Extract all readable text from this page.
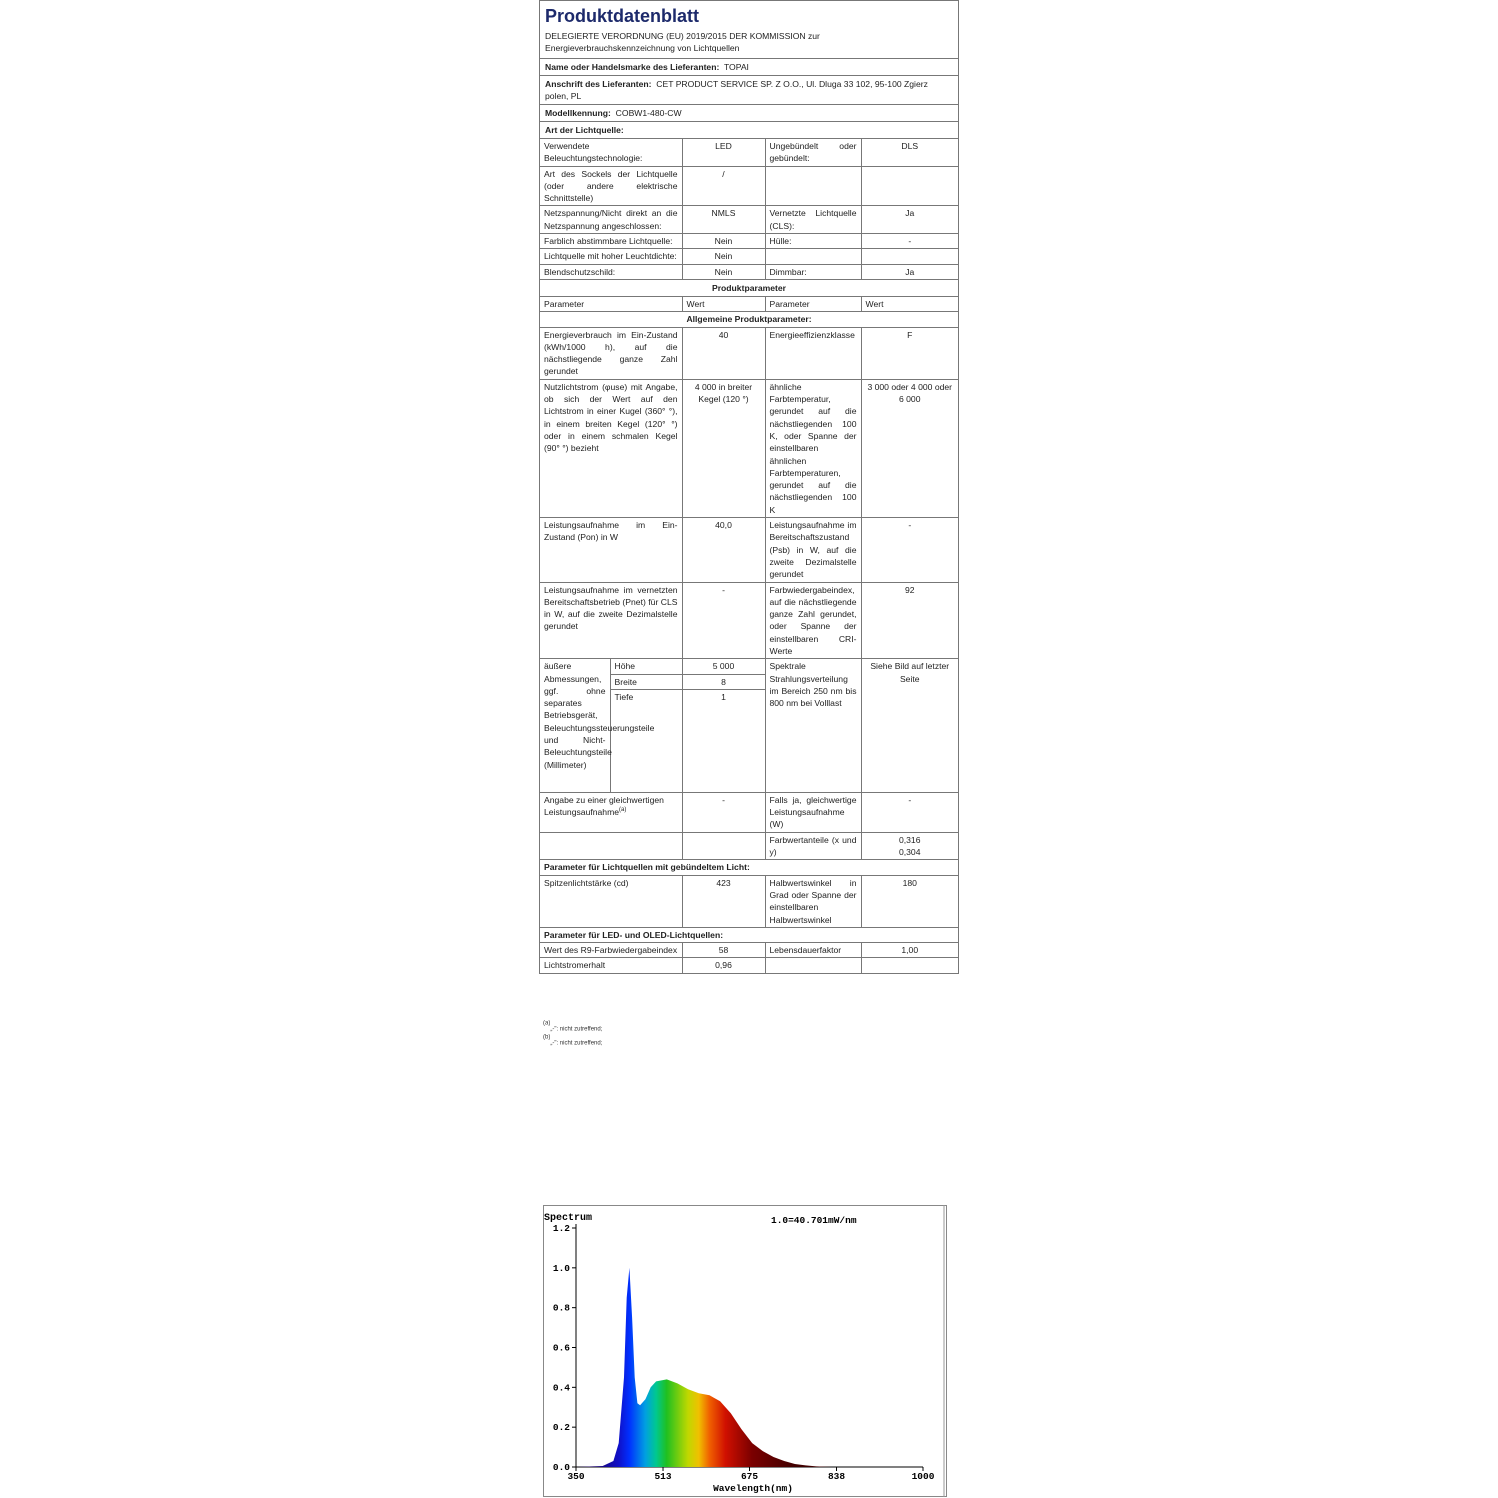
Produktdatenblatt
DELEGIERTE VERORDNUNG (EU) 2019/2015 DER KOMMISSION zur
Energieverbrauchskennzeichnung von Lichtquellen
Name oder Handelsmarke des Lieferanten: TOPAI
Anschrift des Lieferanten: CET PRODUCT SERVICE SP. Z O.O., Ul. Dluga 33 102, 95-100 Zgierz polen, PL
Modellkennung: COBW1-480-CW
Art der Lichtquelle:
Verwendete Beleuchtungstechnologie:	LED	Ungebündelt oder gebündelt:	DLS
Art des Sockels der Lichtquelle (oder andere elektrische Schnittstelle)	/		
Netzspannung/Nicht direkt an die Netzspannung angeschlossen:	NMLS	Vernetzte Lichtquelle (CLS):	Ja
Farblich abstimmbare Lichtquelle:	Nein	Hülle:	-
Lichtquelle mit hoher Leuchtdichte:	Nein		
Blendschutzschild:	Nein	Dimmbar:	Ja
Produktparameter
Parameter		Wert	Parameter	Wert
Allgemeine Produktparameter:				
Energieverbrauch im Ein-Zustand (kWh/1000 h), auf die nächstliegende ganze Zahl gerundet		40	Energieeffizienzklasse	F
Nutzlichtstrom (φuse) mit Angabe, ob sich der Wert auf den Lichtstrom in einer Kugel (360° °), in einem breiten Kegel (120° °) oder in einem schmalen Kegel (90° °) bezieht		4 000 in breiter Kegel (120 °)	ähnliche Farbtemperatur, gerundet auf die nächstliegenden 100 K, oder Spanne der einstellbaren ähnlichen Farbtemperaturen, gerundet auf die nächstliegenden 100 K	3 000 oder 4 000 oder 6 000
Leistungsaufnahme im Ein-Zustand (Pon) in W		40,0	Leistungsaufnahme im Bereitschaftszustand (Psb) in W, auf die zweite Dezimalstelle gerundet	-
Leistungsaufnahme im vernetzten Bereitschaftsbetrieb (Pnet) für CLS in W, auf die zweite Dezimalstelle gerundet		-	Farbwiedergabeindex, auf die nächstliegende ganze Zahl gerundet, oder Spanne der einstellbaren CRI-Werte	92
äußere Abmessungen, ggf. ohne separates Betriebsgerät, Beleuchtungssteuerungsteile und Nicht-Beleuchtungsteile (Millimeter)	Höhe	5 000	Spektrale Strahlungsverteilung im Bereich 250 nm bis 800 nm bei Volllast	Siehe Bild auf letzter Seite
	Breite	8		
	Tiefe	1		
Angabe zu einer gleichwertigen Leistungsaufnahme$^{(a)}$		-	Falls ja, gleichwertige Leistungsaufnahme (W)	-
			Farbwertanteile (x und y)	0,316
0,304

Parameter für Lichtquellen mit gebündeltem Licht:				
Spitzenlichtstärke (cd)		423	Halbwertswinkel in Grad oder Spanne der einstellbaren Halbwertswinkel	180
Parameter für LED- und OLED-Lichtquellen:				
Wert des R9-Farbwiedergabeindex		58	Lebensdauerfaktor	1,00
Lichtstromerhalt		0,96		
$^{(a)}_{„-": nicht zutreffend;}$
$^{(b)}_{„-": nicht zutreffend;}$
Spectrum	1.0=40.701mW/nm
Wavelength(nm)
0.0
0.2
0.4
0.6
0.8
1.0
1.2
350	513	675	838	1000
